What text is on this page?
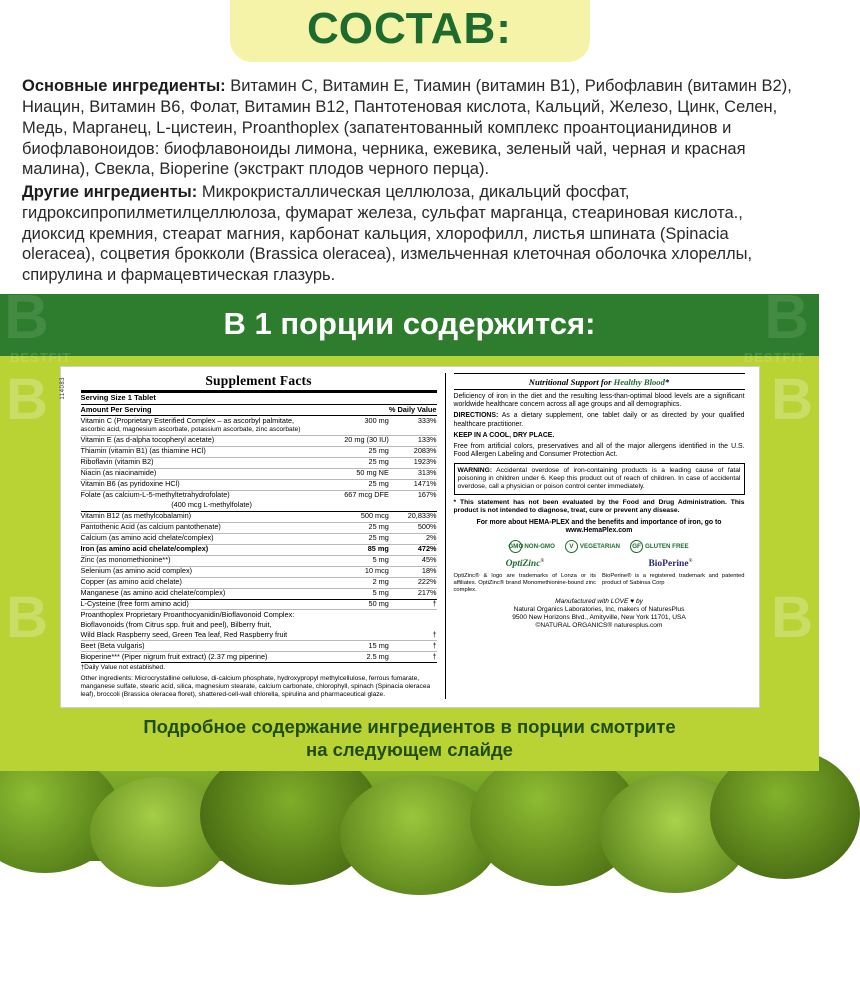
СОСТАВ:

Основные ингредиенты: Витамин С, Витамин Е, Тиамин (витамин В1), Рибофлавин (витамин В2), Ниацин, Витамин В6, Фолат, Витамин В12, Пантотеновая кислота, Кальций, Железо, Цинк, Селен, Медь, Марганец, L-цистеин, Proanthoplex (запатентованный комплекс проантоцианидинов и биофлавоноидов: биофлавоноиды лимона, черника, ежевика, зеленый чай, черная и красная малина), Свекла, Bioperine (экстракт плодов черного перца).

Другие ингредиенты: Микрокристаллическая целлюлоза, дикальций фосфат, гидроксипропилметилцеллюлоза, фумарат железа, сульфат марганца, стеариновая кислота., диоксид кремния, стеарат магния, карбонат кальция, хлорофилл, листья шпината (Spinacia oleracea), соцветия брокколи (Brassica oleracea), измельченная клеточная оболочка хлореллы, спирулина и фармацевтическая глазурь.

B	B
BESTFIT	BESTFIT
В 1 порции содержится:
B	B
114083	Supplement Facts
Serving Size 1 Tablet
Amount Per Serving		% Daily Value
Vitamin C (Proprietary Esterified Complex – as ascorbyl palmitate,
ascorbic acid, magnesium ascorbate, potassium ascorbate, zinc ascorbate)	300 mg	333%
Vitamin E (as d-alpha tocopheryl acetate)	20 mg (30 IU)	133%
Thiamin (vitamin B1) (as thiamine HCl)	25 mg	2083%
Riboflavin (vitamin B2)	25 mg	1923%
Niacin (as niacinamide)	50 mg NE	313%
Vitamin B6 (as pyridoxine HCl)	25 mg	1471%
Folate (as calcium-L-5-methyltetrahydrofolate)	667 mcg DFE	167%
(400 mcg L-methylfolate)		
Vitamin B12 (as methylcobalamin)	500 mcg	20,833%
Pantothenic Acid (as calcium pantothenate)	25 mg	500%
Calcium (as amino acid chelate/complex)	25 mg	2%
Iron (as amino acid chelate/complex)	85 mg	472%
Zinc (as monomethionine**)	5 mg	45%
Selenium (as amino acid complex)	10 mcg	18%
Copper (as amino acid chelate)	2 mg	222%
Manganese (as amino acid chelate/complex)	5 mg	217%
L-Cysteine (free form amino acid)	50 mg	†
Proanthoplex Proprietary Proanthocyanidin/Bioflavonoid Complex:		
Bioflavonoids (from Citrus spp. fruit and peel), Bilberry fruit,		
Wild Black Raspberry seed, Green Tea leaf, Red Raspberry fruit		†
Beet (Beta vulgaris)	15 mg	†
Bioperine*** (Piper nigrum fruit extract) (2.37 mg piperine)	2.5 mg	†
†Daily Value not established.
Other ingredients: Microcrystalline cellulose, di-calcium phosphate, hydroxypropyl methylcellulose, ferrous fumarate, manganese sulfate, stearic acid, silica, magnesium stearate, calcium carbonate, chlorophyll, spinach (Spinacia oleracea leaf), broccoli (Brassica oleracea floret), shattered-cell-wall chlorella, spirulina and pharmaceutical glaze.
Nutritional Support for Healthy Blood*

Deficiency of iron in the diet and the resulting less-than-optimal blood levels are a significant worldwide healthcare concern across all age groups and all demographics.

DIRECTIONS: As a dietary supplement, one tablet daily or as directed by your qualified healthcare practitioner.

KEEP IN A COOL, DRY PLACE.

Free from artificial colors, preservatives and all of the major allergens identified in the U.S. Food Allergen Labeling and Consumer Protection Act.

WARNING: Accidental overdose of iron-containing products is a leading cause of fatal poisoning in children under 6. Keep this product out of reach of children. In case of accidental overdose, call a physician or poison control center immediately.
* This statement has not been evaluated by the Food and Drug Administration. This product is not intended to diagnose, treat, cure or prevent any disease.
For more about HEMA-PLEX and the benefits and importance of iron, go to www.HemaPlex.com
GMO NON-GMO	V	VEGETARIAN	GF GLUTEN FREE
OptiZinc®	BioPerine®
OptiZinc® & logo are trademarks of Lonza or its affiliates. OptiZinc® brand Monomethionine-bound zinc complex.
BioPerine® is a registered trademark and patented product of Sabinsa Corp
Manufactured with LOVE ♥ by
Natural Organics Laboratories, Inc, makers of NaturesPlus
9500 New Horizons Blvd., Amityville, New York 11701, USA
©NATURAL ORGANICS® naturesplus.com
B	B
Подробное содержание ингредиентов в порции смотрите
на следующем слайде
